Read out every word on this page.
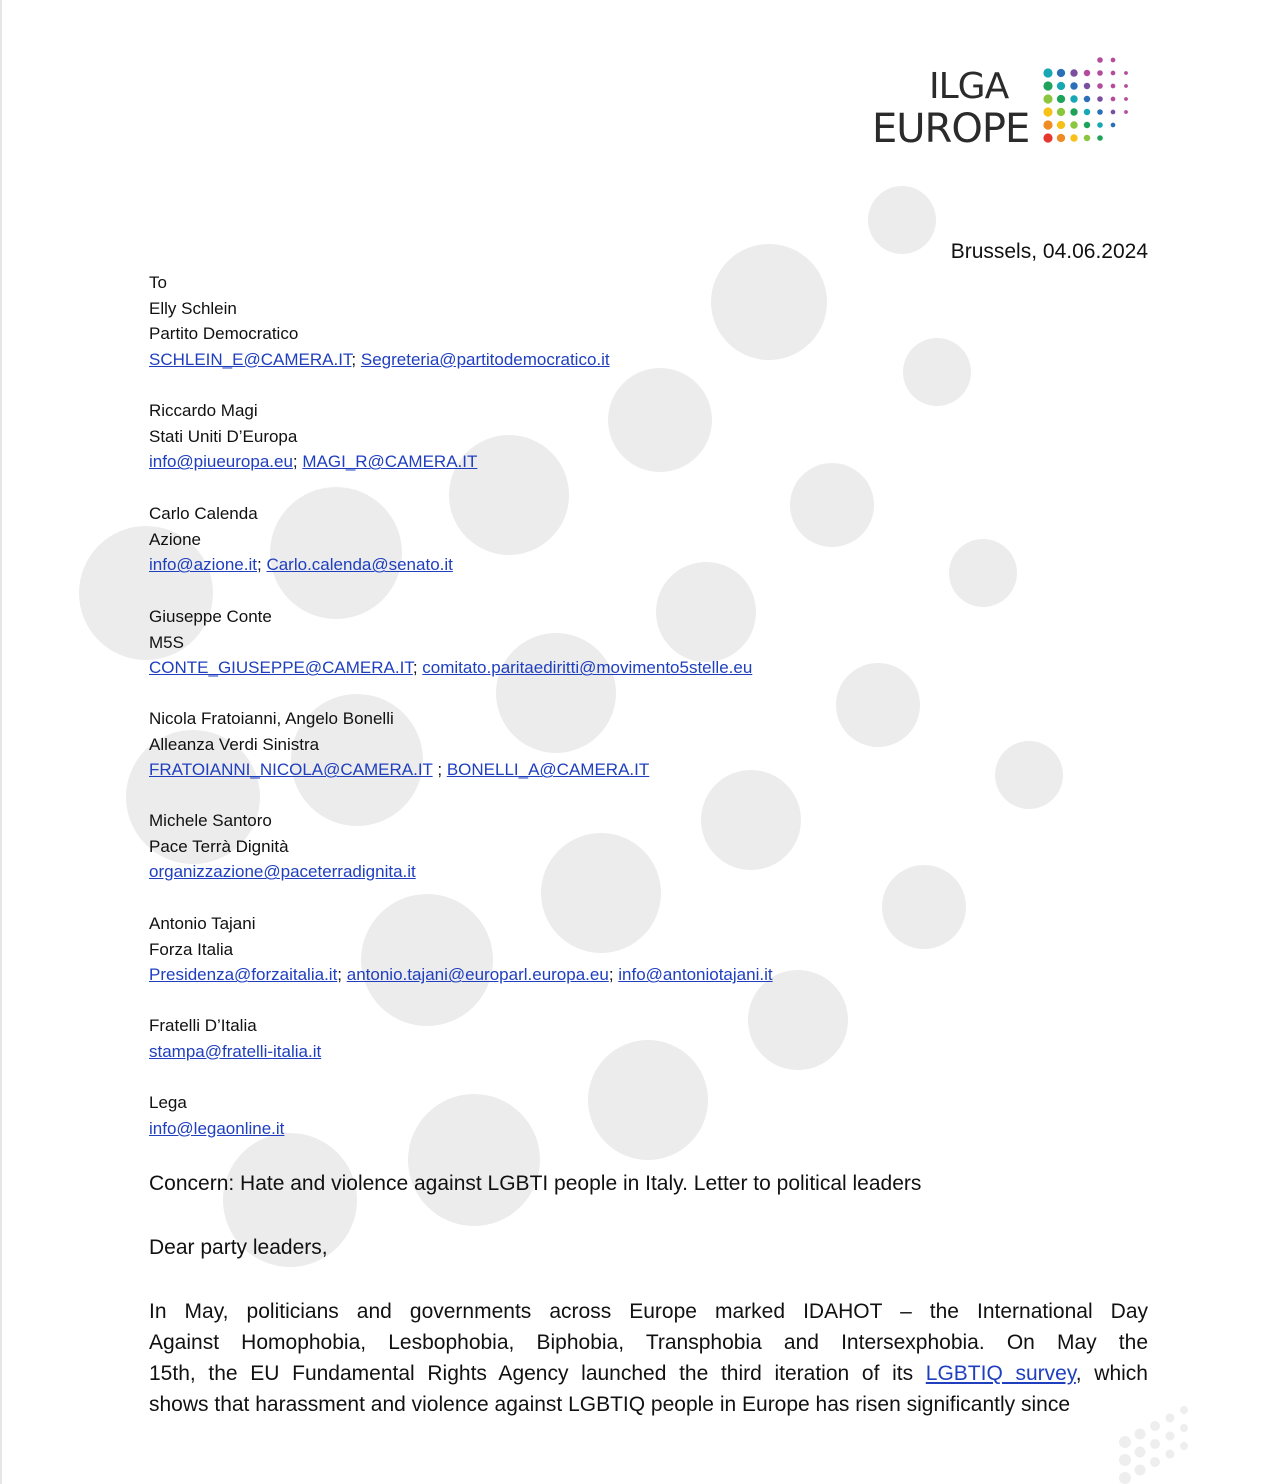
ILGA
EUROPE
Brussels, 04.06.2024
To
Elly Schlein
Partito Democratico
SCHLEIN_E@CAMERA.IT; Segreteria@partitodemocratico.it
Riccardo Magi
Stati Uniti D’Europa
info@piueuropa.eu; MAGI_R@CAMERA.IT
Carlo Calenda
Azione
info@azione.it; Carlo.calenda@senato.it
Giuseppe Conte
M5S
CONTE_GIUSEPPE@CAMERA.IT; comitato.paritaediritti@movimento5stelle.eu
Nicola Fratoianni, Angelo Bonelli
Alleanza Verdi Sinistra
FRATOIANNI_NICOLA@CAMERA.IT ; BONELLI_A@CAMERA.IT
Michele Santoro
Pace Terrà Dignità
organizzazione@paceterradignita.it
Antonio Tajani
Forza Italia
Presidenza@forzaitalia.it; antonio.tajani@europarl.europa.eu; info@antoniotajani.it
Fratelli D’Italia
stampa@fratelli-italia.it
Lega
info@legaonline.it
Concern: Hate and violence against LGBTI people in Italy. Letter to political leaders
Dear party leaders,
In May, politicians and governments across Europe marked IDAHOT – the International Day
Against Homophobia, Lesbophobia, Biphobia, Transphobia and Intersexphobia. On May the
15th, the EU Fundamental Rights Agency launched the third iteration of its LGBTIQ survey, which
shows that harassment and violence against LGBTIQ people in Europe has risen significantly since
